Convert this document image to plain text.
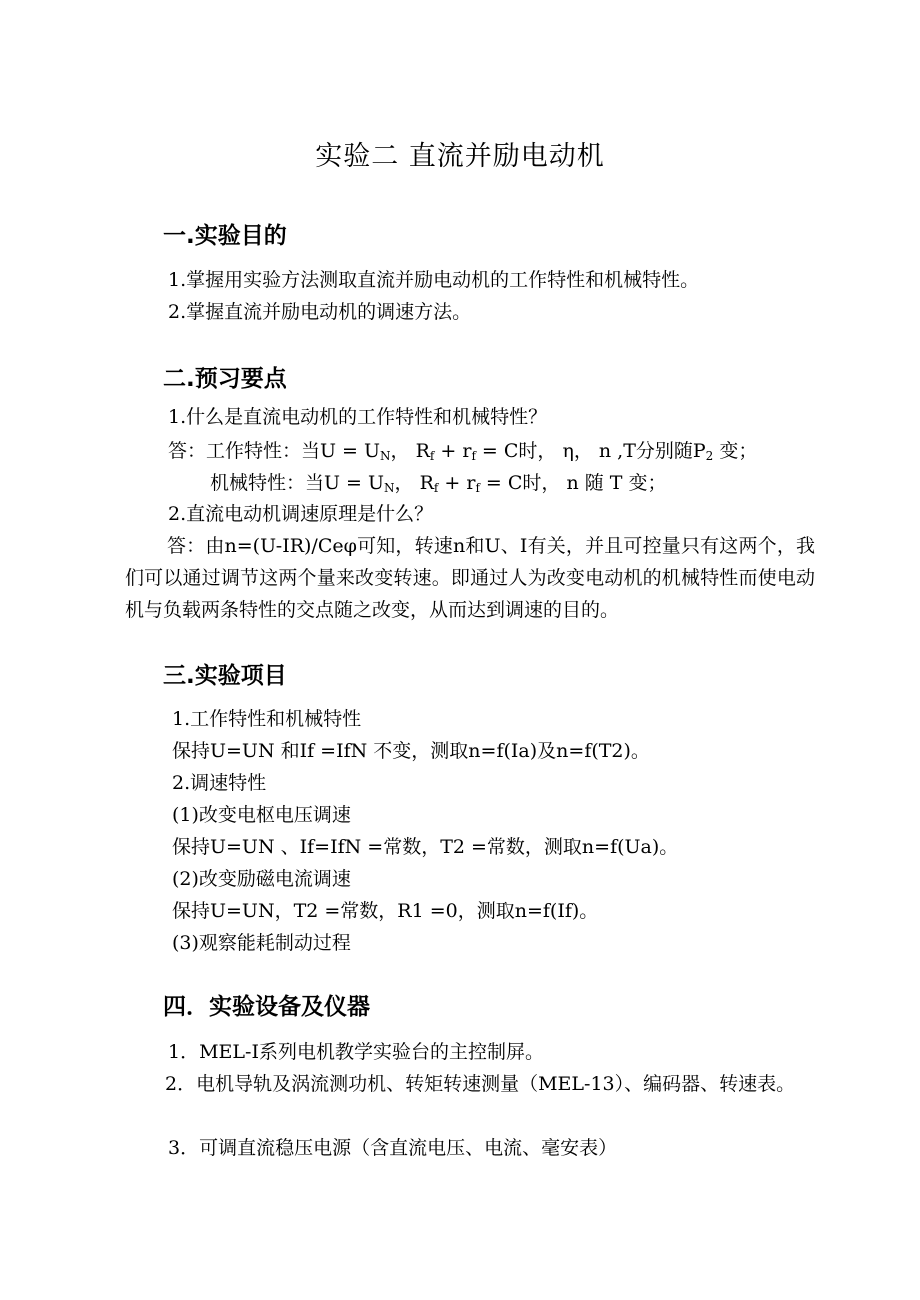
实验二 直流并励电动机
一.实验目的
1.掌握用实验方法测取直流并励电动机的工作特性和机械特性。
2.掌握直流并励电动机的调速方法。
二.预习要点
1.什么是直流电动机的工作特性和机械特性？
答：工作特性：当$U = U_N$， $R_f + r_f = C$时， η， n ,T分别随$P_2$ 变；
机械特性：当$U = U_N$， $R_f + r_f = C$时， n 随 T 变；
2.直流电动机调速原理是什么？
答：由n=(U-IR)/Ceφ可知，转速n和U、I有关，并且可控量只有这两个，我们可以通过调节这两个量来改变转速。即通过人为改变电动机的机械特性而使电动机与负载两条特性的交点随之改变，从而达到调速的目的。
三.实验项目
1.工作特性和机械特性
保持U=UN 和If =IfN 不变，测取n=f(Ia)及n=f(T2)。
2.调速特性
(1)改变电枢电压调速
保持U=UN 、If=IfN =常数，T2 =常数，测取n=f(Ua)。
(2)改变励磁电流调速
保持U=UN，T2 =常数，R1 =0，测取n=f(If)。
(3)观察能耗制动过程
四．实验设备及仪器
1．MEL-I系列电机教学实验台的主控制屏。
2．电机导轨及涡流测功机、转矩转速测量（MEL-13）、编码器、转速表。
3．可调直流稳压电源（含直流电压、电流、毫安表）
